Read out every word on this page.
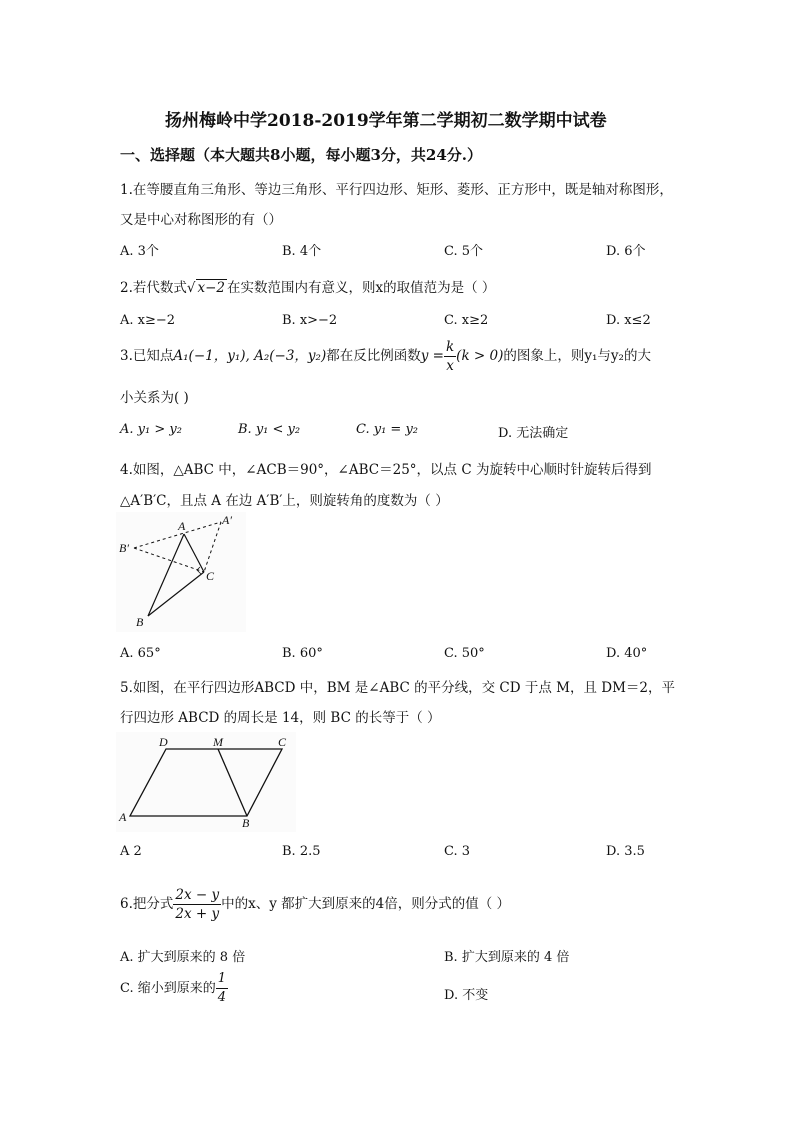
扬州梅岭中学2018-2019学年第二学期初二数学期中试卷
一、选择题（本大题共8小题，每小题3分，共24分.）
1.在等腰直角三角形、等边三角形、平行四边形、矩形、菱形、正方形中，既是轴对称图形，
又是中心对称图形的有（）
A. 3个	B. 4个	C. 5个	D. 6个
2.若代数式√ x−2 在实数范围内有意义，则x的取值范为是（ ）
A. x≥−2	B. x>−2	C. x≥2	D. x≤2
3.已知点A₁(−1，y₁), A₂(−3，y₂)都在反比例函数$y = \frac{k}{x} (k > 0)$的图象上，则y₁与y₂的大
小关系为( )
A. y₁ > y₂	B. y₁ < y₂	C. y₁ = y₂	D. 无法确定
4.如图，△ABC 中，∠ACB＝90°，∠ABC＝25°，以点 C 为旋转中心顺时针旋转后得到
△A′B′C，且点 A 在边 A′B′上，则旋转角的度数为（ ）
A	A′
B′
C
B
A. 65°	B. 60°	C. 50°	D. 40°
5.如图，在平行四边形ABCD 中，BM 是∠ABC 的平分线，交 CD 于点 M，且 DM＝2，平
行四边形 ABCD 的周长是 14，则 BC 的长等于（ ）
D	M	C
A	B
A 2	B. 2.5	C. 3	D. 3.5
6.把分式 $\frac{2x - y}{2x + y}$ 中的x、y 都扩大到原来的4倍，则分式的值（ ）
A. 扩大到原来的 8 倍	B. 扩大到原来的 4 倍
C. 缩小到原来的 $\frac{1}{4}$	D. 不变
